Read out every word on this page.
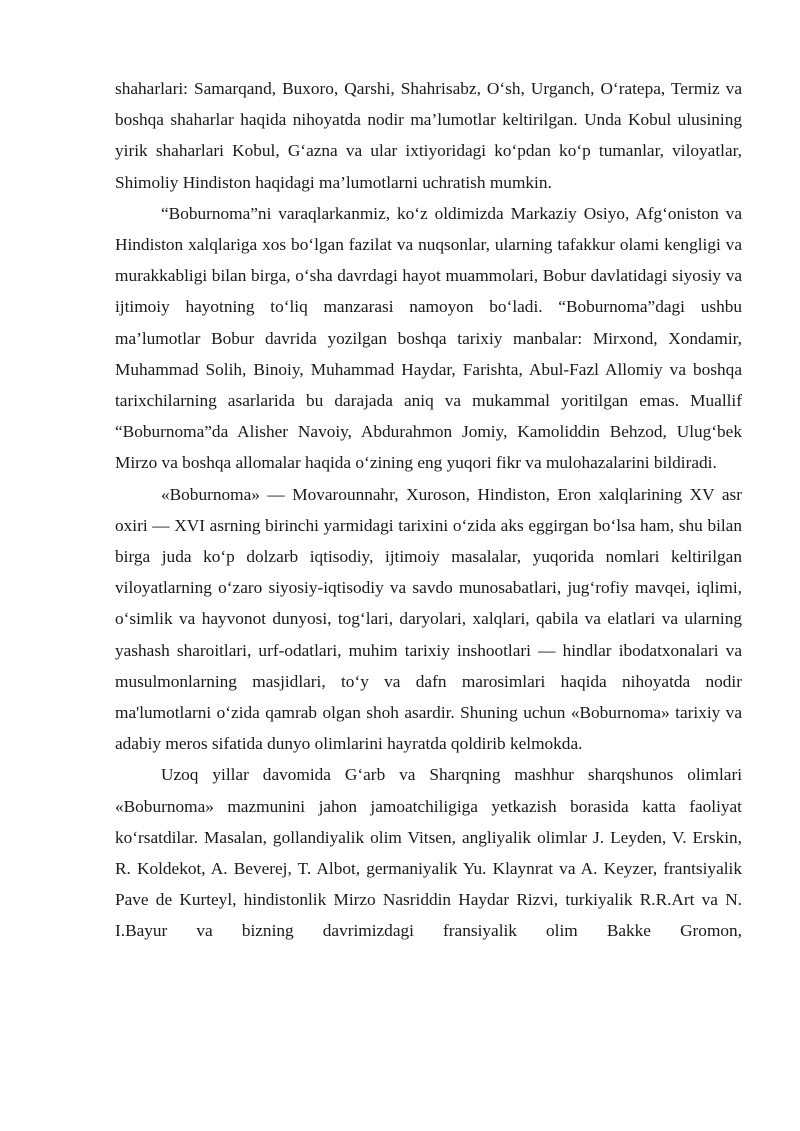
shaharlari: Samarqand, Buxoro, Qarshi, Shahrisabz, O‘sh, Urganch, O‘ratepa, Termiz va boshqa shaharlar haqida nihoyatda nodir ma’lumotlar keltirilgan. Unda Kobul ulusining yirik shaharlari Kobul, G‘azna va ular ixtiyoridagi ko‘pdan ko‘p tumanlar, viloyatlar, Shimoliy Hindiston haqidagi ma’lumotlarni uchratish mumkin.

“Boburnoma”ni varaqlarkanmiz, ko‘z oldimizda Markaziy Osiyo, Afg‘oniston va Hindiston xalqlariga xos bo‘lgan fazilat va nuqsonlar, ularning tafakkur olami kengligi va murakkabligi bilan birga, o‘sha davrdagi hayot muammolari, Bobur davlatidagi siyosiy va ijtimoiy hayotning to‘liq manzarasi namoyon bo‘ladi. “Boburnoma”dagi ushbu ma’lumotlar Bobur davrida yozilgan boshqa tarixiy manbalar: Mirxond, Xondamir, Muhammad Solih, Binoiy, Muhammad Haydar, Farishta, Abul-Fazl Allomiy va boshqa tarixchilarning asarlarida bu darajada aniq va mukammal yoritilgan emas. Muallif “Boburnoma”da Alisher Navoiy, Abdurahmon Jomiy, Kamoliddin Behzod, Ulug‘bek Mirzo va boshqa allomalar haqida o‘zining eng yuqori fikr va mulohazalarini bildiradi.

«Boburnoma» — Movarounnahr, Xuroson, Hindiston, Eron xalqlarining XV asr oxiri — XVI asrning birinchi yarmidagi tarixini o‘zida aks eggirgan bo‘lsa ham, shu bilan birga juda ko‘p dolzarb iqtisodiy, ijtimoiy masalalar, yuqorida nomlari keltirilgan viloyatlarning o‘zaro siyosiy-iqtisodiy va savdo munosabatlari, jug‘rofiy mavqei, iqlimi, o‘simlik va hayvonot dunyosi, tog‘lari, daryolari, xalqlari, qabila va elatlari va ularning yashash sharoitlari, urf-odatlari, muhim tarixiy inshootlari — hindlar ibodatxonalari va musulmonlarning masjidlari, to‘y va dafn marosimlari haqida nihoyatda nodir ma'lumotlarni o‘zida qamrab olgan shoh asardir. Shuning uchun «Boburnoma» tarixiy va adabiy meros sifatida dunyo olimlarini hayratda qoldirib kelmokda.

Uzoq yillar davomida G‘arb va Sharqning mashhur sharqshunos olimlari «Boburnoma» mazmunini jahon jamoatchiligiga yetkazish borasida katta faoliyat ko‘rsatdilar. Masalan, gollandiyalik olim Vitsen, angliyalik olimlar J. Leyden, V. Erskin, R. Koldekot, A. Beverej, T. Albot, germaniyalik Yu. Klaynrat va A. Keyzer, frantsiyalik Pave de Kurteyl, hindistonlik Mirzo Nasriddin Haydar Rizvi, turkiyalik R.R.Art va N. I.Bayur va bizning davrimizdagi fransiyalik olim Bakke Gromon,
